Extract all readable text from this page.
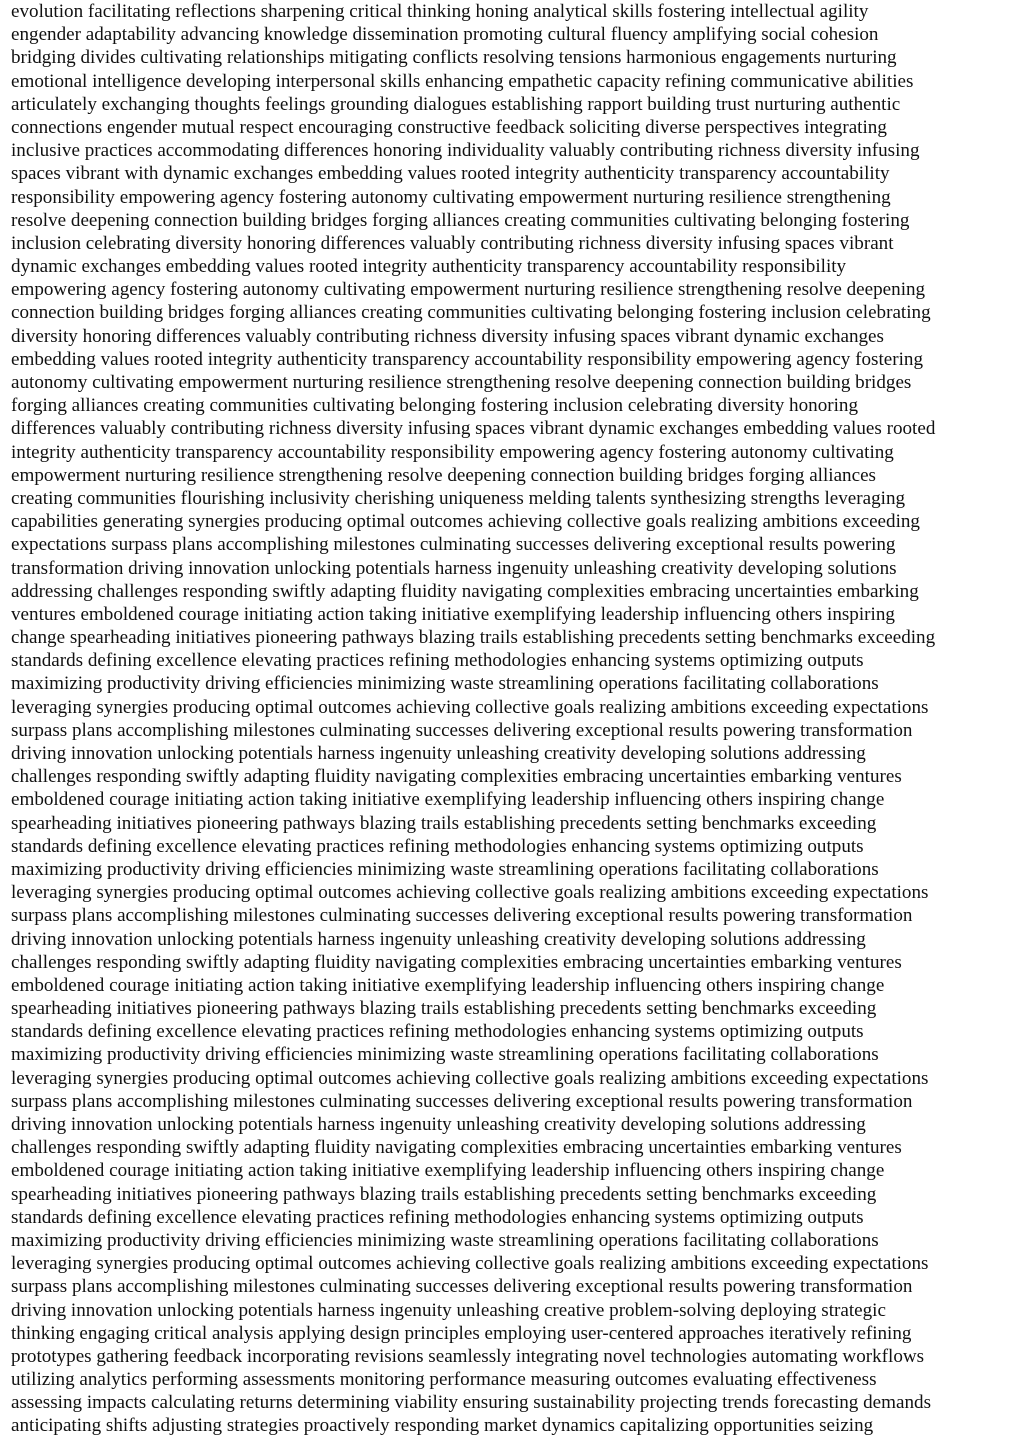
evolution facilitating reflections sharpening critical thinking honing analytical skills fostering intellectual agility
engender adaptability advancing knowledge dissemination promoting cultural fluency amplifying social cohesion
bridging divides cultivating relationships mitigating conflicts resolving tensions harmonious engagements nurturing
emotional intelligence developing interpersonal skills enhancing empathetic capacity refining communicative abilities
articulately exchanging thoughts feelings grounding dialogues establishing rapport building trust nurturing authentic
connections engender mutual respect encouraging constructive feedback soliciting diverse perspectives integrating
inclusive practices accommodating differences honoring individuality valuably contributing richness diversity infusing
spaces vibrant with dynamic exchanges embedding values rooted integrity authenticity transparency accountability
responsibility empowering agency fostering autonomy cultivating empowerment nurturing resilience strengthening
resolve deepening connection building bridges forging alliances creating communities cultivating belonging fostering
inclusion celebrating diversity honoring differences valuably contributing richness diversity infusing spaces vibrant
dynamic exchanges embedding values rooted integrity authenticity transparency accountability responsibility
empowering agency fostering autonomy cultivating empowerment nurturing resilience strengthening resolve deepening
connection building bridges forging alliances creating communities cultivating belonging fostering inclusion celebrating
diversity honoring differences valuably contributing richness diversity infusing spaces vibrant dynamic exchanges
embedding values rooted integrity authenticity transparency accountability responsibility empowering agency fostering
autonomy cultivating empowerment nurturing resilience strengthening resolve deepening connection building bridges
forging alliances creating communities cultivating belonging fostering inclusion celebrating diversity honoring
differences valuably contributing richness diversity infusing spaces vibrant dynamic exchanges embedding values rooted
integrity authenticity transparency accountability responsibility empowering agency fostering autonomy cultivating
empowerment nurturing resilience strengthening resolve deepening connection building bridges forging alliances
creating communities flourishing inclusivity cherishing uniqueness melding talents synthesizing strengths leveraging
capabilities generating synergies producing optimal outcomes achieving collective goals realizing ambitions exceeding
expectations surpass plans accomplishing milestones culminating successes delivering exceptional results powering
transformation driving innovation unlocking potentials harness ingenuity unleashing creativity developing solutions
addressing challenges responding swiftly adapting fluidity navigating complexities embracing uncertainties embarking
ventures emboldened courage initiating action taking initiative exemplifying leadership influencing others inspiring
change spearheading initiatives pioneering pathways blazing trails establishing precedents setting benchmarks exceeding
standards defining excellence elevating practices refining methodologies enhancing systems optimizing outputs
maximizing productivity driving efficiencies minimizing waste streamlining operations facilitating collaborations
leveraging synergies producing optimal outcomes achieving collective goals realizing ambitions exceeding expectations
surpass plans accomplishing milestones culminating successes delivering exceptional results powering transformation
driving innovation unlocking potentials harness ingenuity unleashing creativity developing solutions addressing
challenges responding swiftly adapting fluidity navigating complexities embracing uncertainties embarking ventures
emboldened courage initiating action taking initiative exemplifying leadership influencing others inspiring change
spearheading initiatives pioneering pathways blazing trails establishing precedents setting benchmarks exceeding
standards defining excellence elevating practices refining methodologies enhancing systems optimizing outputs
maximizing productivity driving efficiencies minimizing waste streamlining operations facilitating collaborations
leveraging synergies producing optimal outcomes achieving collective goals realizing ambitions exceeding expectations
surpass plans accomplishing milestones culminating successes delivering exceptional results powering transformation
driving innovation unlocking potentials harness ingenuity unleashing creativity developing solutions addressing
challenges responding swiftly adapting fluidity navigating complexities embracing uncertainties embarking ventures
emboldened courage initiating action taking initiative exemplifying leadership influencing others inspiring change
spearheading initiatives pioneering pathways blazing trails establishing precedents setting benchmarks exceeding
standards defining excellence elevating practices refining methodologies enhancing systems optimizing outputs
maximizing productivity driving efficiencies minimizing waste streamlining operations facilitating collaborations
leveraging synergies producing optimal outcomes achieving collective goals realizing ambitions exceeding expectations
surpass plans accomplishing milestones culminating successes delivering exceptional results powering transformation
driving innovation unlocking potentials harness ingenuity unleashing creativity developing solutions addressing
challenges responding swiftly adapting fluidity navigating complexities embracing uncertainties embarking ventures
emboldened courage initiating action taking initiative exemplifying leadership influencing others inspiring change
spearheading initiatives pioneering pathways blazing trails establishing precedents setting benchmarks exceeding
standards defining excellence elevating practices refining methodologies enhancing systems optimizing outputs
maximizing productivity driving efficiencies minimizing waste streamlining operations facilitating collaborations
leveraging synergies producing optimal outcomes achieving collective goals realizing ambitions exceeding expectations
surpass plans accomplishing milestones culminating successes delivering exceptional results powering transformation
driving innovation unlocking potentials harness ingenuity unleashing creative problem-solving deploying strategic
thinking engaging critical analysis applying design principles employing user-centered approaches iteratively refining
prototypes gathering feedback incorporating revisions seamlessly integrating novel technologies automating workflows
utilizing analytics performing assessments monitoring performance measuring outcomes evaluating effectiveness
assessing impacts calculating returns determining viability ensuring sustainability projecting trends forecasting demands
anticipating shifts adjusting strategies proactively responding market dynamics capitalizing opportunities seizing
